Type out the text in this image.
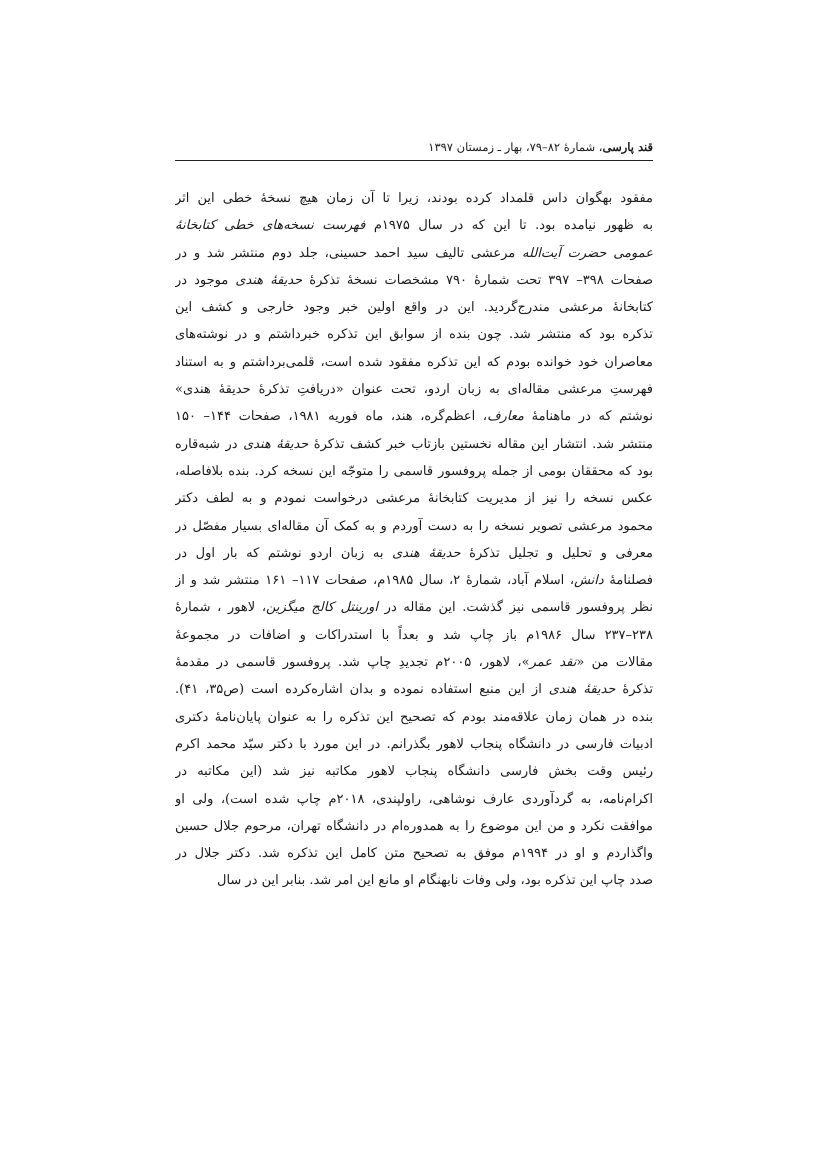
قند پارسی، شمارهٔ ۸۲–۷۹، بهار ـ زمستان ۱۳۹۷
مفقود بهگوان داس قلمداد کرده بودند، زیرا تا آن زمان هیچ نسخهٔ خطی این اثر
به ظهور نیامده بود. تا این که در سال ۱۹۷۵م فهرست نسخه‌های خطی کتابخانهٔ
عمومی حضرت آیت‌الله مرعشی تالیف سید احمد حسینی، جلد دوم منتشر شد و در
صفحات ۳۹۸– ۳۹۷ تحت شمارهٔ ۷۹۰ مشخصات نسخهٔ تذکرهٔ حدیقهٔ هندی موجود در
کتابخانهٔ مرعشی مندرج‌گردید. این در واقع اولین خبر وجود خارجی و کشف این
تذکره بود که منتشر شد. چون بنده از سوابق این تذکره خبرداشتم و در نوشته‌های
معاصران خود خوانده بودم که این تذکره مفقود شده است، قلمی‌برداشتم و به استناد
فهرستِ مرعشی مقاله‌ای به زبان اردو، تحت عنوان «دریافتِ تذکرهٔ حدیقهٔ هندی»
نوشتم که در ماهنامهٔ معارف، اعظم‌گره، هند، ماه فوریه ۱۹۸۱، صفحات ۱۴۴– ۱۵۰
منتشر شد. انتشار این مقاله نخستین بازتاب خبر کشف تذکرهٔ حدیقهٔ هندی در شبه‌قاره
بود که محققان بومی از جمله پروفسور قاسمی را متوجّه این نسخه کرد. بنده بلافاصله،
عکس نسخه را نیز از مدیریت کتابخانهٔ مرعشی درخواست نمودم و به لطف دکتر
محمود مرعشی تصویر نسخه را به دست آوردم و به کمک آن مقاله‌ای بسیار مفصّل در
معرفی و تحلیل و تجلیل تذکرهٔ حدیقهٔ هندی به زبان اردو نوشتم که بار اول در
فصلنامهٔ دانش، اسلام آباد، شمارهٔ ۲، سال ۱۹۸۵م، صفحات ۱۱۷– ۱۶۱ منتشر شد و از
نظر پروفسور قاسمی نیز گذشت. این مقاله در اورینتل کالج میگزین، لاهور ، شمارهٔ
۲۳۸–۲۳۷ سال ۱۹۸۶م باز چاپ شد و بعداً با استدراکات و اضافات در مجموعهٔ
مقالات من «نقد عمر»، لاهور، ۲۰۰۵م تجدیدِ چاپ شد. پروفسور قاسمی در مقدمهٔ
تذکرهٔ حدیقهٔ هندی از این منبع استفاده نموده و بدان اشاره‌کرده است (ص۳۵، ۴۱).
بنده در همان زمان علاقه‌مند بودم که تصحیح این تذکره را به عنوان پایان‌نامهٔ دکتری
ادبیات فارسی در دانشگاه پنجاب لاهور بگذرانم. در این مورد با دکتر سیّد محمد اکرم
رئیس وقت بخش فارسی دانشگاه پنجاب لاهور مکاتبه نیز شد (این مکاتبه در
اکرام‌نامه، به گردآوردی عارف نوشاهی، راولپندی، ۲۰۱۸م چاپ شده است)، ولی او
موافقت نکرد و من این موضوع را به همدوره‌ام در دانشگاه تهران، مرحوم جلال حسین
واگذاردم و او در ۱۹۹۴م موفق به تصحیح متن کامل این تذکره شد. دکتر جلال در
صدد چاپ این تذکره بود، ولی وفات نابهنگام او مانع این امر شد. بنابر این در سال
